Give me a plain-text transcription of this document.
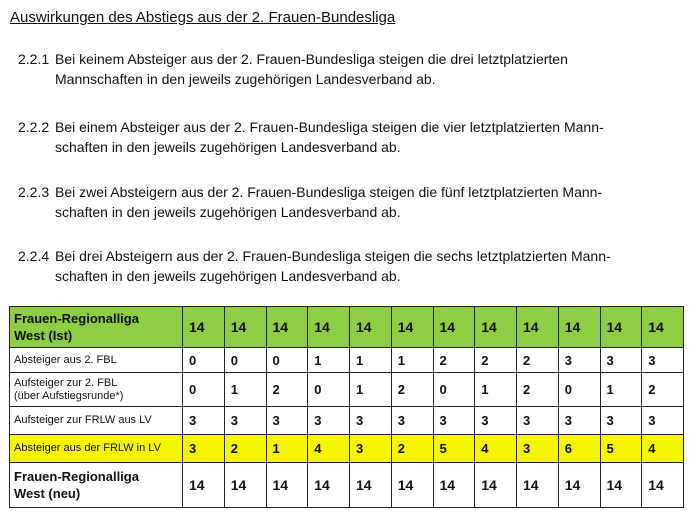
Auswirkungen des Abstiegs aus der 2. Frauen-Bundesliga
2.2.1 Bei keinem Absteiger aus der 2. Frauen-Bundesliga steigen die drei letztplatzierten
Mannschaften in den jeweils zugehörigen Landesverband ab.
2.2.2 Bei einem Absteiger aus der 2. Frauen-Bundesliga steigen die vier letztplatzierten Mann-
schaften in den jeweils zugehörigen Landesverband ab.
2.2.3 Bei zwei Absteigern aus der 2. Frauen-Bundesliga steigen die fünf letztplatzierten Mann-
schaften in den jeweils zugehörigen Landesverband ab.
2.2.4 Bei drei Absteigern aus der 2. Frauen-Bundesliga steigen die sechs letztplatzierten Mann-
schaften in den jeweils zugehörigen Landesverband ab.
Frauen-Regionalliga
West (Ist)	14	14	14	14	14	14	14	14	14	14	14	14

Absteiger aus 2. FBL	0	0	0	1	1	1	2	2	2	3	3	3

Aufsteiger zur 2. FBL
(über Aufstiegsrunde*)	0	1	2	0	1	2	0	1	2	0	1	2

Aufsteiger zur FRLW aus LV	3	3	3	3	3	3	3	3	3	3	3	3

Absteiger aus der FRLW in LV	3	2	1	4	3	2	5	4	3	6	5	4

Frauen-Regionalliga
West (neu)	14	14	14	14	14	14	14	14	14	14	14	14
